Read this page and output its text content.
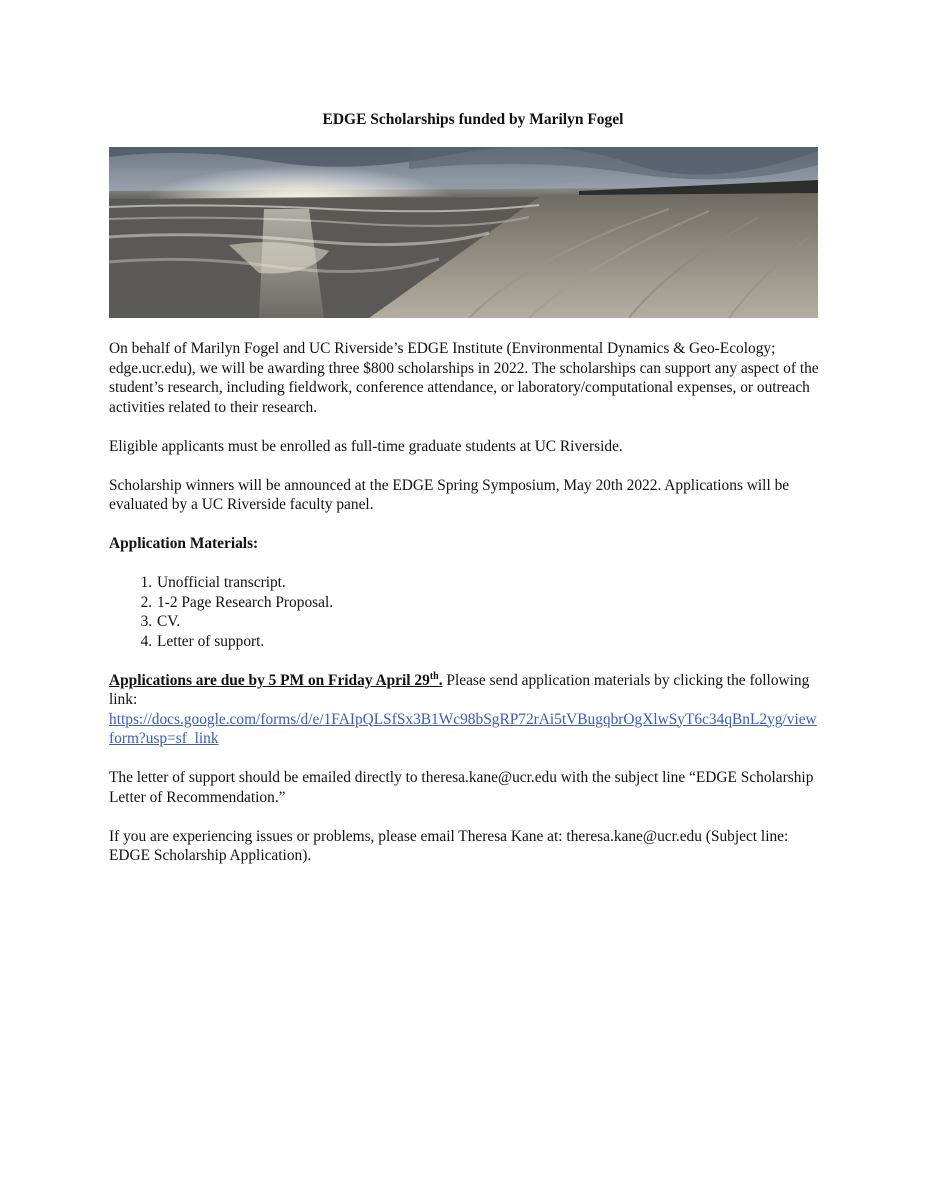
EDGE Scholarships funded by Marilyn Fogel

On behalf of Marilyn Fogel and UC Riverside’s EDGE Institute (Environmental Dynamics & Geo-Ecology; edge.ucr.edu), we will be awarding three $800 scholarships in 2022. The scholarships can support any aspect of the student’s research, including fieldwork, conference attendance, or laboratory/computational expenses, or outreach activities related to their research.

Eligible applicants must be enrolled as full-time graduate students at UC Riverside.

Scholarship winners will be announced at the EDGE Spring Symposium, May 20th 2022. Applications will be evaluated by a UC Riverside faculty panel.

Application Materials:

1. Unofficial transcript.
2. 1-2 Page Research Proposal.
3. CV.
4. Letter of support.

Applications are due by 5 PM on Friday April 29th. Please send application materials by clicking the following link:
https://docs.google.com/forms/d/e/1FAIpQLSfSx3B1Wc98bSgRP72rAi5tVBugqbrOgXlwSyT6c34qBnL2yg/viewform?usp=sf_link

The letter of support should be emailed directly to theresa.kane@ucr.edu with the subject line “EDGE Scholarship Letter of Recommendation.”

If you are experiencing issues or problems, please email Theresa Kane at: theresa.kane@ucr.edu (Subject line: EDGE Scholarship Application).
